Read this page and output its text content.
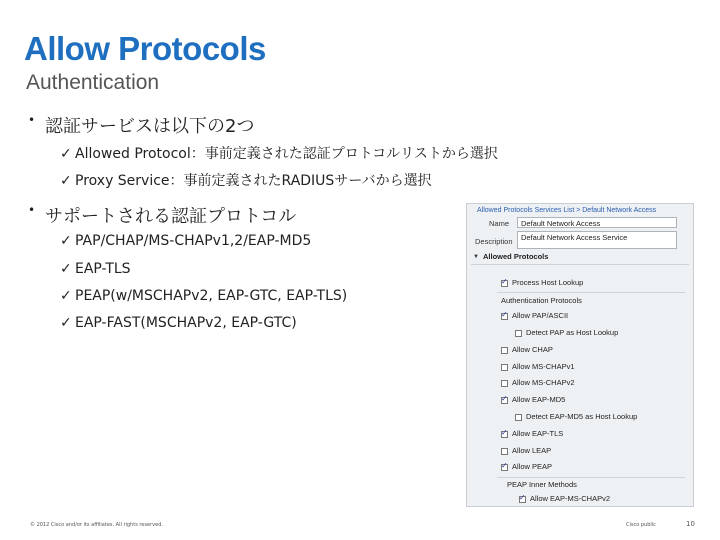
Allow Protocols
Authentication
• 認証サービスは以下の2つ
✓ Allowed Protocol：事前定義された認証プロトコルリストから選択
✓ Proxy Service：事前定義されたRADIUSサーバから選択
• サポートされる認証プロトコル
✓ PAP/CHAP/MS-CHAPv1,2/EAP-MD5
✓ EAP-TLS
✓ PEAP(w/MSCHAPv2, EAP-GTC, EAP-TLS)
✓ EAP-FAST(MSCHAPv2, EAP-GTC)
Allowed Protocols Services List > Default Network Access
Name	Default Network Access
Description	Default Network Access Service
▼ Allowed Protocols
✓Process Host Lookup
Authentication Protocols
✓Allow PAP/ASCII
Detect PAP as Host Lookup
Allow CHAP
Allow MS-CHAPv1
Allow MS-CHAPv2
✓Allow EAP-MD5
Detect EAP-MD5 as Host Lookup
✓Allow EAP-TLS
Allow LEAP
✓Allow PEAP
PEAP Inner Methods
✓Allow EAP-MS-CHAPv2
© 2012 Cisco and/or its affiliates. All rights reserved.	Cisco public	10
